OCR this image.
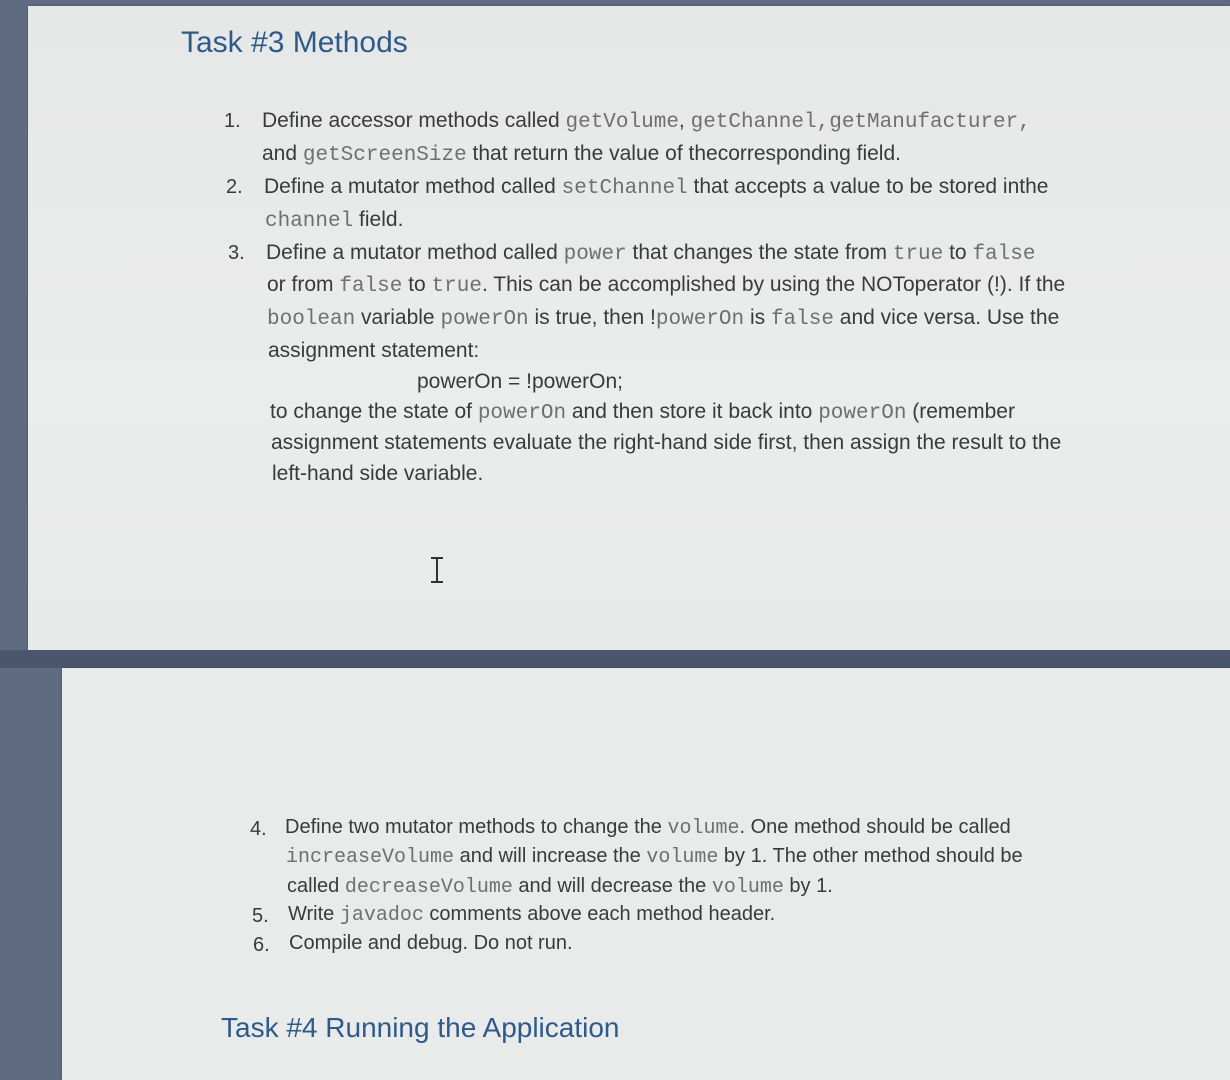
Task #3 Methods
1. Define accessor methods called getVolume, getChannel,getManufacturer,
and getScreenSize that return the value of thecorresponding field.
2. Define a mutator method called setChannel that accepts a value to be stored inthe
channel field.
3. Define a mutator method called power that changes the state from true to false
or from false to true. This can be accomplished by using the NOToperator (!). If the
boolean variable powerOn is true, then !powerOn is false and vice versa. Use the
assignment statement:
powerOn = !powerOn;
to change the state of powerOn and then store it back into powerOn (remember
assignment statements evaluate the right-hand side first, then assign the result to the
left-hand side variable.
4. Define two mutator methods to change the volume. One method should be called
increaseVolume and will increase the volume by 1. The other method should be
called decreaseVolume and will decrease the volume by 1.
5. Write javadoc comments above each method header.
6. Compile and debug. Do not run.
Task #4 Running the Application
